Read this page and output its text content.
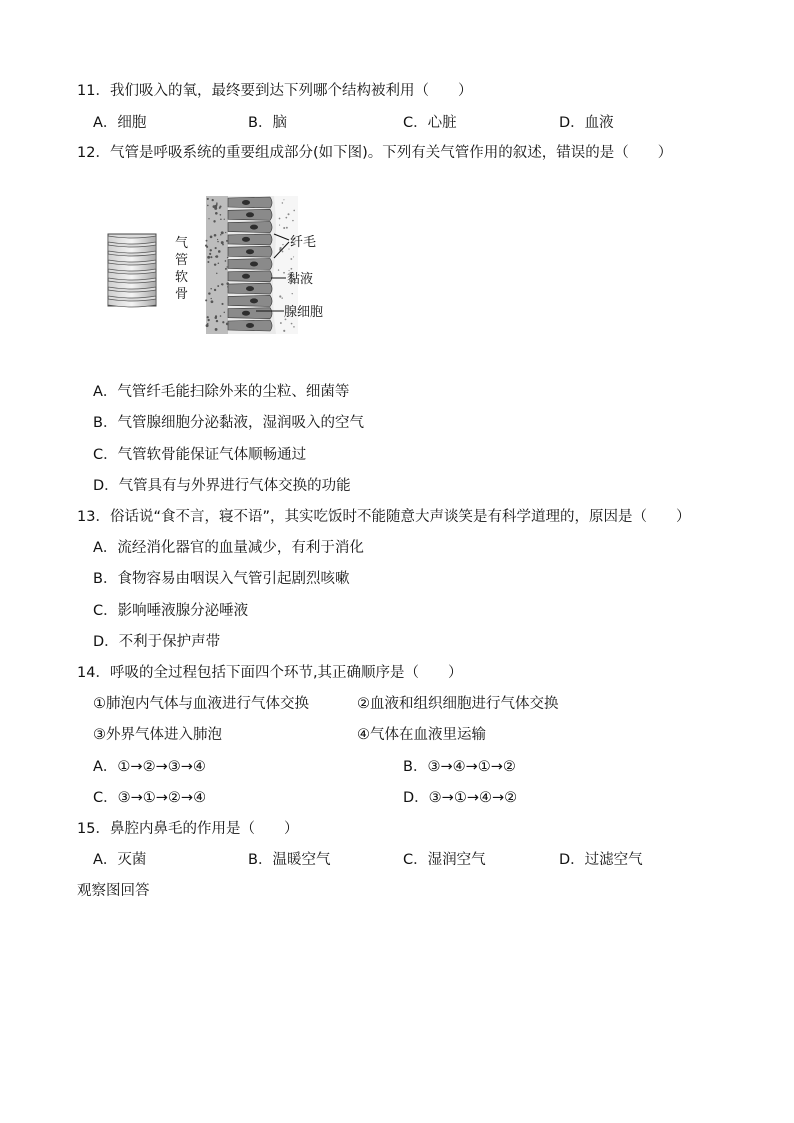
11．我们吸入的氧，最终要到达下列哪个结构被利用（　　）
A．细胞	B．脑	C．心脏	D．血液
12．气管是呼吸系统的重要组成部分(如下图)。下列有关气管作用的叙述，错误的是（　　）
气
管
软
骨
纤毛
黏液
腺细胞
A．气管纤毛能扫除外来的尘粒、细菌等
B．气管腺细胞分泌黏液，湿润吸入的空气
C．气管软骨能保证气体顺畅通过
D．气管具有与外界进行气体交换的功能
13．俗话说“食不言，寝不语”，其实吃饭时不能随意大声谈笑是有科学道理的，原因是（　　）
A．流经消化器官的血量减少，有利于消化
B．食物容易由咽误入气管引起剧烈咳嗽
C．影响唾液腺分泌唾液
D．不利于保护声带
14．呼吸的全过程包括下面四个环节,其正确顺序是（　　）
①肺泡内气体与血液进行气体交换	②血液和组织细胞进行气体交换
③外界气体进入肺泡	④气体在血液里运输
A．①→②→③→④	B．③→④→①→②
C．③→①→②→④	D．③→①→④→②
15．鼻腔内鼻毛的作用是（　　）
A．灭菌	B．温暖空气	C．湿润空气	D．过滤空气
观察图回答
